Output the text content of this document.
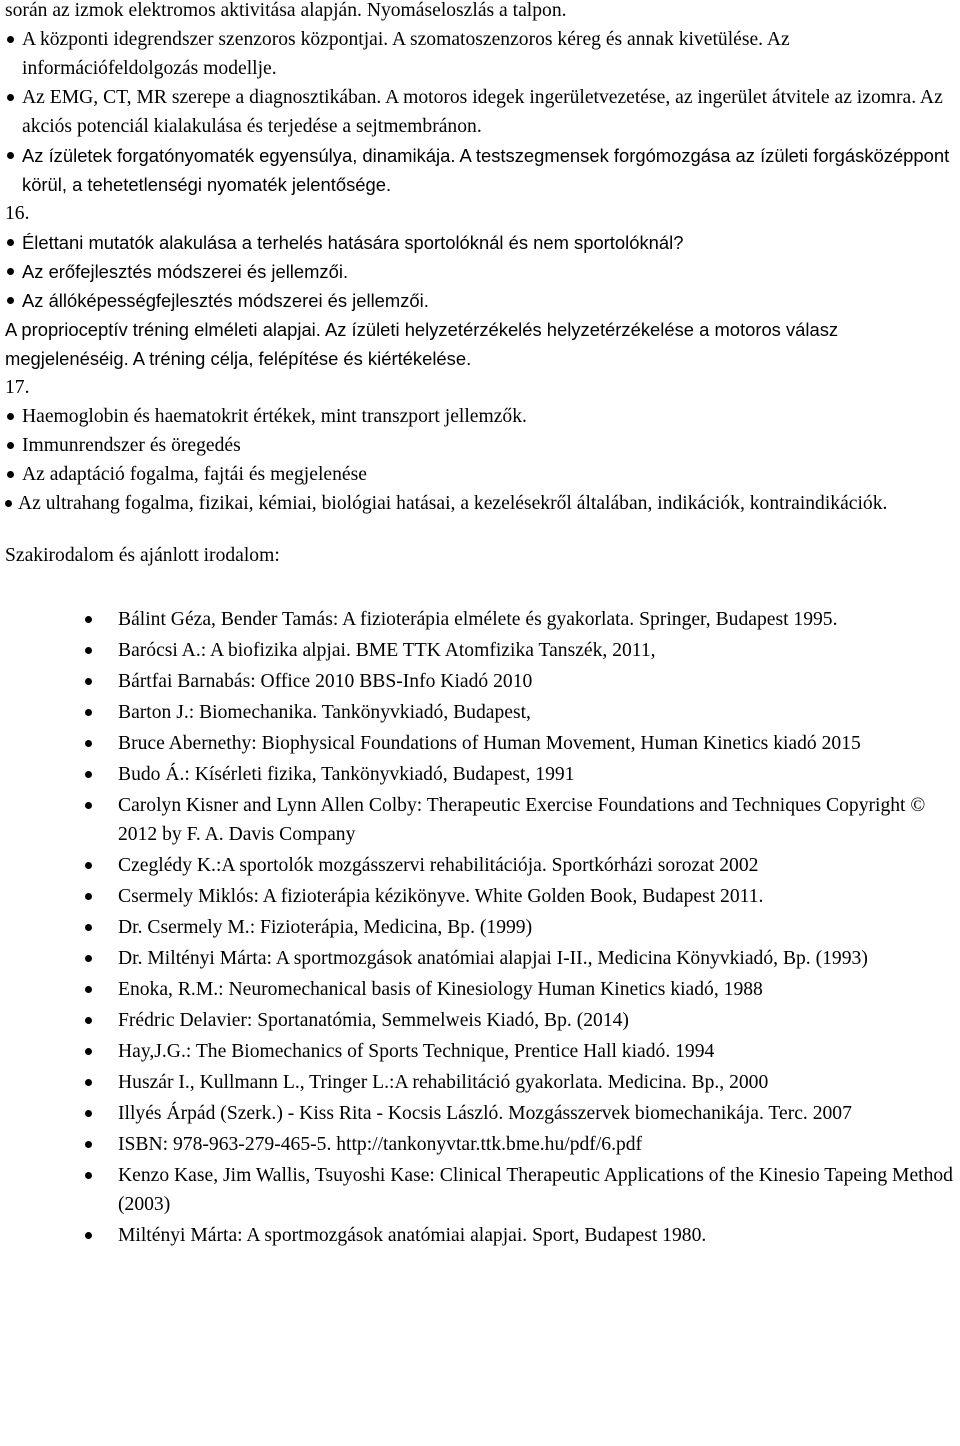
során az izmok elektromos aktivitása alapján. Nyomáseloszlás a talpon.
A központi idegrendszer szenzoros központjai. A szomatoszenzoros kéreg és annak kivetülése. Az információfeldolgozás modellje.
Az EMG, CT, MR szerepe a diagnosztikában. A motoros idegek ingerületvezetése, az ingerület átvitele az izomra. Az akciós potenciál kialakulása és terjedése a sejtmembránon.
Az ízületek forgatónyomaték egyensúlya, dinamikája. A testszegmensek forgómozgása az ízületi forgásközéppont körül, a tehetetlenségi nyomaték jelentősége.
16.
Élettani mutatók alakulása a terhelés hatására sportolóknál és nem sportolóknál?
Az erőfejlesztés módszerei és jellemzői.
Az állóképességfejlesztés módszerei és jellemzői.
A proprioceptív tréning elméleti alapjai. Az ízületi helyzetérzékelés helyzetérzékelése a motoros válasz megjelenéséig. A tréning célja, felépítése és kiértékelése.
17.
Haemoglobin és haematokrit értékek, mint transzport jellemzők.
Immunrendszer és öregedés
Az adaptáció fogalma, fajtái és megjelenése
Az ultrahang fogalma, fizikai, kémiai, biológiai hatásai, a kezelésekről általában, indikációk, kontraindikációk.
Szakirodalom és ajánlott irodalom:
Bálint Géza, Bender Tamás: A fizioterápia elmélete és gyakorlata. Springer, Budapest 1995.
Barócsi A.: A biofizika alpjai. BME TTK Atomfizika Tanszék, 2011,
Bártfai Barnabás: Office 2010 BBS-Info Kiadó 2010
Barton J.: Biomechanika. Tankönyvkiadó, Budapest,
Bruce Abernethy: Biophysical Foundations of Human Movement, Human Kinetics kiadó 2015
Budo Á.: Kísérleti fizika, Tankönyvkiadó, Budapest, 1991
Carolyn Kisner and Lynn Allen Colby: Therapeutic Exercise Foundations and Techniques Copyright © 2012 by F. A. Davis Company
Czeglédy K.:A sportolók mozgásszervi rehabilitációja. Sportkórházi sorozat 2002
Csermely Miklós: A fizioterápia kézikönyve. White Golden Book, Budapest 2011.
Dr. Csermely M.: Fizioterápia, Medicina, Bp. (1999)
Dr. Miltényi Márta: A sportmozgások anatómiai alapjai I-II., Medicina Könyvkiadó, Bp. (1993)
Enoka, R.M.: Neuromechanical basis of Kinesiology Human Kinetics kiadó, 1988
Frédric Delavier: Sportanatómia, Semmelweis Kiadó, Bp. (2014)
Hay,J.G.: The Biomechanics of Sports Technique, Prentice Hall kiadó. 1994
Huszár I., Kullmann L., Tringer L.:A rehabilitáció gyakorlata. Medicina. Bp., 2000
Illyés Árpád (Szerk.) - Kiss Rita - Kocsis László. Mozgásszervek biomechanikája. Terc. 2007
ISBN: 978-963-279-465-5. http://tankonyvtar.ttk.bme.hu/pdf/6.pdf
Kenzo Kase, Jim Wallis, Tsuyoshi Kase: Clinical Therapeutic Applications of the Kinesio Tapeing Method (2003)
Miltényi Márta: A sportmozgások anatómiai alapjai. Sport, Budapest 1980.
